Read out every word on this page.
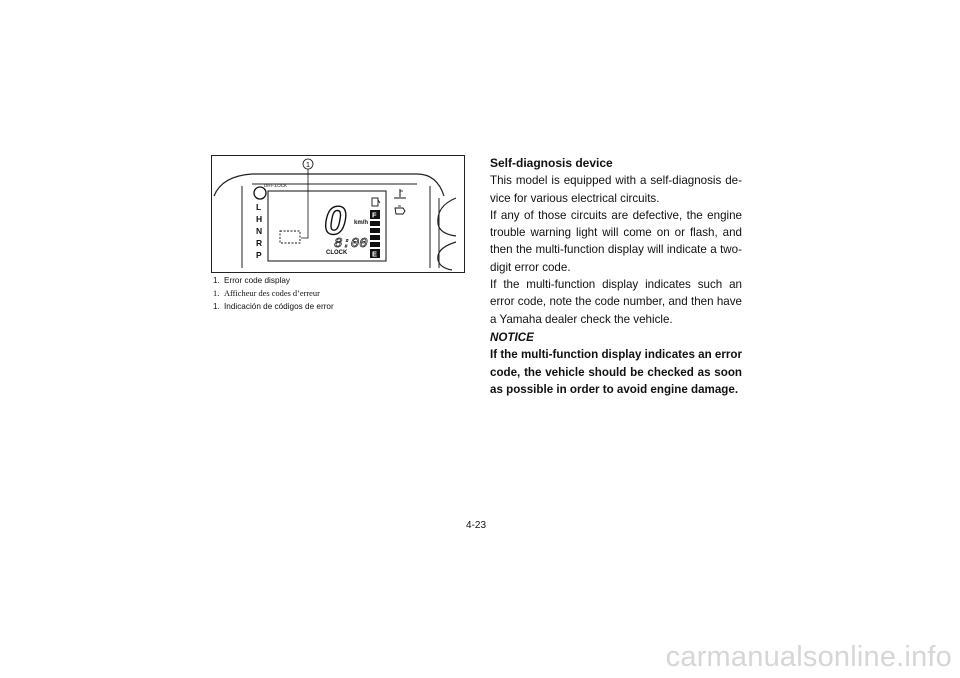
DIFF.LOCK
L
H
N
R
P
1
0 km/h
8:00
CLOCK
F
E
1. Error code display
1. Afficheur des codes d’erreur
1. Indicación de códigos de error

Self-diagnosis device

This model is equipped with a self-diagnosis de-vice for various electrical circuits.

If any of those circuits are defective, the engine trouble warning light will come on or flash, and then the multi-function display will indicate a two-digit error code.

If the multi-function display indicates such an error code, note the code number, and then have a Yamaha dealer check the vehicle.

NOTICE

If the multi-function display indicates an error code, the vehicle should be checked as soon as possible in order to avoid engine damage.

4-23
carmanualsonline.info
